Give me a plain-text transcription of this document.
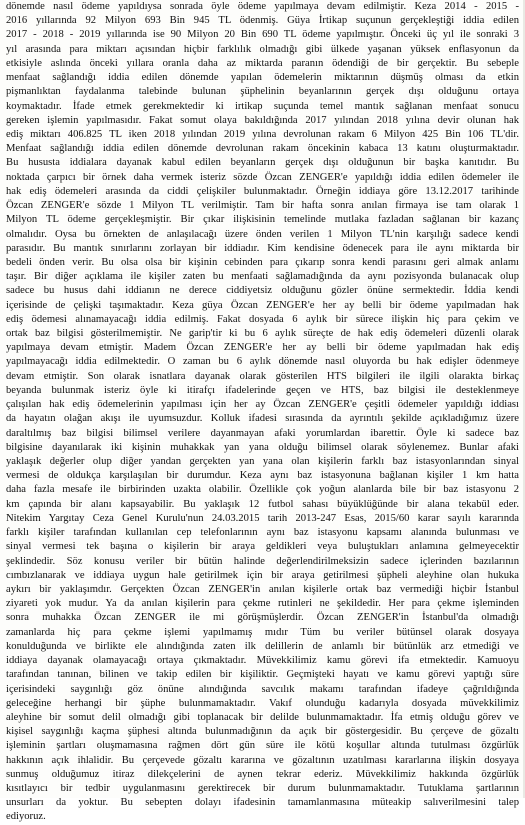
dönemde nasıl ödeme yapıldıysa sonrada öyle ödeme yapılmaya devam edilmiştir. Keza 2014 - 2015 -
2016 yıllarında 92 Milyon 693 Bin 945 TL ödenmiş. Güya İrtikap suçunun gerçekleştiği iddia edilen
2017 - 2018 - 2019 yıllarında ise 90 Milyon 20 Bin 690 TL ödeme yapılmıştır. Önceki üç yıl ile sonraki 3
yıl arasında para miktarı açısından hiçbir farklılık olmadığı gibi ülkede yaşanan yüksek enflasyonun da
etkisiyle aslında önceki yıllara oranla daha az miktarda paranın ödendiği de bir gerçektir. Bu sebeple
menfaat sağlandığı iddia edilen dönemde yapılan ödemelerin miktarının düşmüş olması da etkin
pişmanlıktan faydalanma talebinde bulunan şüphelinin beyanlarının gerçek dışı olduğunu ortaya
koymaktadır. İfade etmek gerekmektedir ki irtikap suçunda temel mantık sağlanan menfaat sonucu
gereken işlemin yapılmasıdır. Fakat somut olaya bakıldığında 2017 yılından 2018 yılına devir olunan hak
ediş miktarı 406.825 TL iken 2018 yılından 2019 yılına devrolunan rakam 6 Milyon 425 Bin 106 TL'dir.
Menfaat sağlandığı iddia edilen dönemde devrolunan rakam öncekinin kabaca 13 katını oluşturmaktadır.
Bu hususta iddialara dayanak kabul edilen beyanların gerçek dışı olduğunun bir başka kanıtıdır. Bu
noktada çarpıcı bir örnek daha vermek isteriz sözde Özcan ZENGER'e yapıldığı iddia edilen ödemeler ile
hak ediş ödemeleri arasında da ciddi çelişkiler bulunmaktadır. Örneğin iddiaya göre 13.12.2017 tarihinde
Özcan ZENGER'e sözde 1 Milyon TL verilmiştir. Tam bir hafta sonra anılan firmaya ise tam olarak 1
Milyon TL ödeme gerçekleşmiştir. Bir çıkar ilişkisinin temelinde mutlaka fazladan sağlanan bir kazanç
olmalıdır. Oysa bu örnekten de anlaşılacağı üzere önden verilen 1 Milyon TL'nin karşılığı sadece kendi
parasıdır. Bu mantık sınırlarını zorlayan bir iddiadır. Kim kendisine ödenecek para ile aynı miktarda bir
bedeli önden verir. Bu olsa olsa bir kişinin cebinden para çıkarıp sonra kendi parasını geri almak anlamı
taşır. Bir diğer açıklama ile kişiler zaten bu menfaati sağlamadığında da aynı pozisyonda bulanacak olup
sadece bu husus dahi iddianın ne derece ciddiyetsiz olduğunu gözler önüne sermektedir. İddia kendi
içerisinde de çelişki taşımaktadır. Keza güya Özcan ZENGER'e her ay belli bir ödeme yapılmadan hak
ediş ödemesi alınamayacağı iddia edilmiş. Fakat dosyada 6 aylık bir sürece ilişkin hiç para çekim ve
ortak baz bilgisi gösterilmemiştir. Ne garip'tir ki bu 6 aylık süreçte de hak ediş ödemeleri düzenli olarak
yapılmaya devam etmiştir. Madem Özcan ZENGER'e her ay belli bir ödeme yapılmadan hak ediş
yapılmayacağı iddia edilmektedir. O zaman bu 6 aylık dönemde nasıl oluyorda bu hak edişler ödenmeye
devam etmiştir. Son olarak isnatlara dayanak olarak gösterilen HTS bilgileri ile ilgili olarakta birkaç
beyanda bulunmak isteriz öyle ki itirafçı ifadelerinde geçen ve HTS, baz bilgisi ile desteklenmeye
çalışılan hak ediş ödemelerinin yapılması için her ay Özcan ZENGER'e çeşitli ödemeler yapıldığı iddiası
da hayatın olağan akışı ile uyumsuzdur. Kolluk ifadesi sırasında da ayrıntılı şekilde açıkladığımız üzere
daraltılmış baz bilgisi bilimsel verilere dayanmayan afaki yorumlardan ibarettir. Öyle ki sadece baz
bilgisine dayanılarak iki kişinin muhakkak yan yana olduğu bilimsel olarak söylenemez. Bunlar afaki
yaklaşık değerler olup diğer yandan gerçekten yan yana olan kişilerin farklı baz istasyonlarından sinyal
vermesi de oldukça karşılaşılan bir durumdur. Keza aynı baz istasyonuna bağlanan kişiler 1 km hatta
daha fazla mesafe ile birbirinden uzakta olabilir. Özellikle çok yoğun alanlarda bile bir baz istasyonu 2
km çapında bir alanı kapsayabilir. Bu yaklaşık 12 futbol sahası büyüklüğünde bir alana tekabül eder.
Nitekim Yargıtay Ceza Genel Kurulu'nun 24.03.2015 tarih 2013-247 Esas, 2015/60 karar sayılı kararında
farklı kişiler tarafından kullanılan cep telefonlarının aynı baz istasyonu kapsamı alanında bulunması ve
sinyal vermesi tek başına o kişilerin bir araya geldikleri veya buluştukları anlamına gelmeyecektir
şeklindedir. Söz konusu veriler bir bütün halinde değerlendirilmeksizin sadece içlerinden bazılarının
cımbızlanarak ve iddiaya uygun hale getirilmek için bir araya getirilmesi şüpheli aleyhine olan hukuka
aykırı bir yaklaşımdır. Gerçekten Özcan ZENGER'in anılan kişilerle ortak baz vermediği hiçbir İstanbul
ziyareti yok mudur. Ya da anılan kişilerin para çekme rutinleri ne şekildedir. Her para çekme işleminden
sonra muhakka Özcan ZENGER ile mi görüşmüşlerdir. Özcan ZENGER'in İstanbul'da olmadığı
zamanlarda hiç para çekme işlemi yapılmamış mıdır Tüm bu veriler bütünsel olarak dosyaya
konulduğunda ve birlikte ele alındığında zaten ilk delillerin de anlamlı bir bütünlük arz etmediği ve
iddiaya dayanak olamayacağı ortaya çıkmaktadır. Müvekkilimiz kamu görevi ifa etmektedir. Kamuoyu
tarafından tanınan, bilinen ve takip edilen bir kişiliktir. Geçmişteki hayatı ve kamu görevi yaptığı süre
içerisindeki saygınlığı göz önüne alındığında savcılık makamı tarafından ifadeye çağrıldığında
geleceğine herhangi bir şüphe bulunmamaktadır. Vakıf olunduğu kadarıyla dosyada müvekkilimiz
aleyhine bir somut delil olmadığı gibi toplanacak bir delilde bulunmamaktadır. İfa etmiş olduğu görev ve
kişisel saygınlığı kaçma şüphesi altında bulunmadığının da açık bir göstergesidir. Bu çerçeve de gözaltı
işleminin şartları oluşmamasına rağmen dört gün süre ile kötü koşullar altında tutulması özgürlük
hakkının açık ihlalidir. Bu çerçevede gözaltı kararına ve gözaltının uzatılması kararlarına ilişkin dosyaya
sunmuş olduğumuz itiraz dilekçelerini de aynen tekrar ederiz. Müvekkilimiz hakkında özgürlük
kısıtlayıcı bir tedbir uygulanmasını gerektirecek bir durum bulunmamaktadır. Tutuklama şartlarının
unsurları da yoktur. Bu sebepten dolayı ifadesinin tamamlanmasına müteakip salıverilmesini talep
ediyoruz.
